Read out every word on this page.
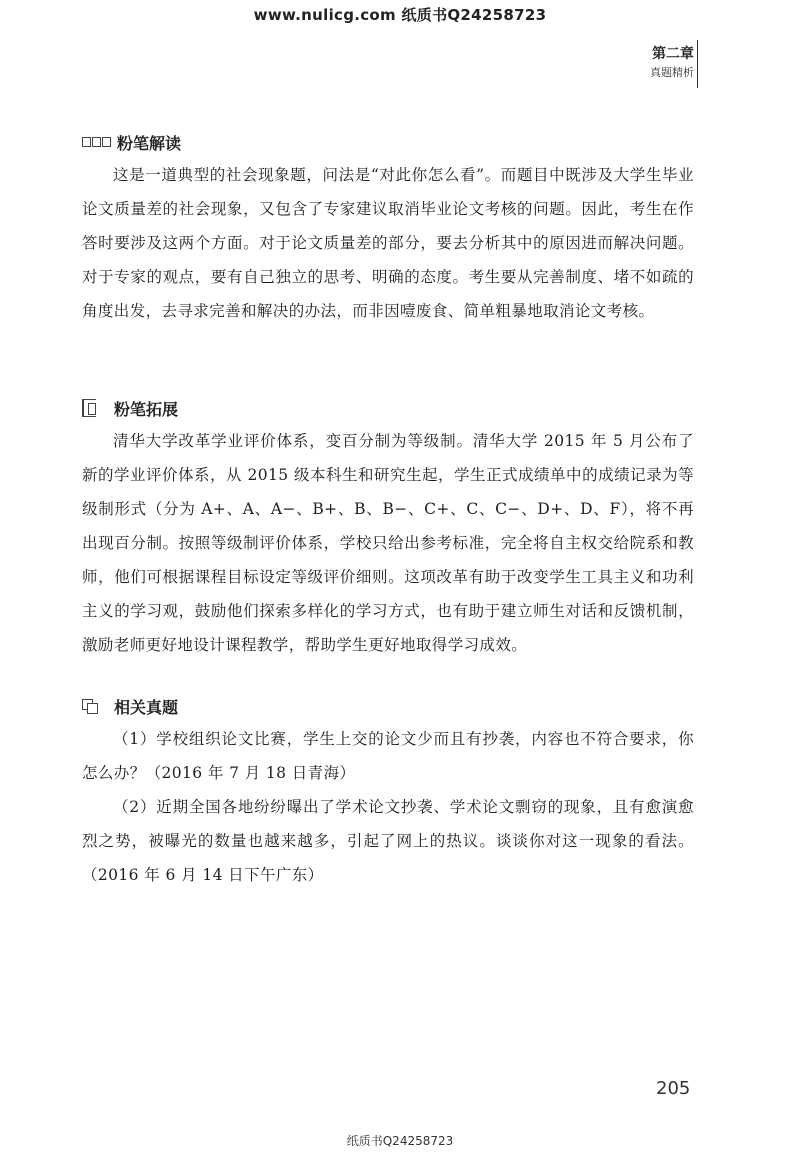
www.nulicg.com 纸质书Q24258723
第二章
真题精析
粉笔解读

这是一道典型的社会现象题，问法是“对此你怎么看”。而题目中既涉及大学生毕业论文质量差的社会现象，又包含了专家建议取消毕业论文考核的问题。因此，考生在作答时要涉及这两个方面。对于论文质量差的部分，要去分析其中的原因进而解决问题。对于专家的观点，要有自己独立的思考、明确的态度。考生要从完善制度、堵不如疏的角度出发，去寻求完善和解决的办法，而非因噎废食、简单粗暴地取消论文考核。

粉笔拓展

清华大学改革学业评价体系，变百分制为等级制。清华大学 2015 年 5 月公布了新的学业评价体系，从 2015 级本科生和研究生起，学生正式成绩单中的成绩记录为等级制形式（分为 A+、A、A−、B+、B、B−、C+、C、C−、D+、D、F），将不再出现百分制。按照等级制评价体系，学校只给出参考标准，完全将自主权交给院系和教师，他们可根据课程目标设定等级评价细则。这项改革有助于改变学生工具主义和功利主义的学习观，鼓励他们探索多样化的学习方式，也有助于建立师生对话和反馈机制，激励老师更好地设计课程教学，帮助学生更好地取得学习成效。

相关真题

（1）学校组织论文比赛，学生上交的论文少而且有抄袭，内容也不符合要求，你怎么办？（2016 年 7 月 18 日青海）

（2）近期全国各地纷纷曝出了学术论文抄袭、学术论文剽窃的现象，且有愈演愈烈之势，被曝光的数量也越来越多，引起了网上的热议。谈谈你对这一现象的看法。（2016 年 6 月 14 日下午广东）

205
纸质书Q24258723
